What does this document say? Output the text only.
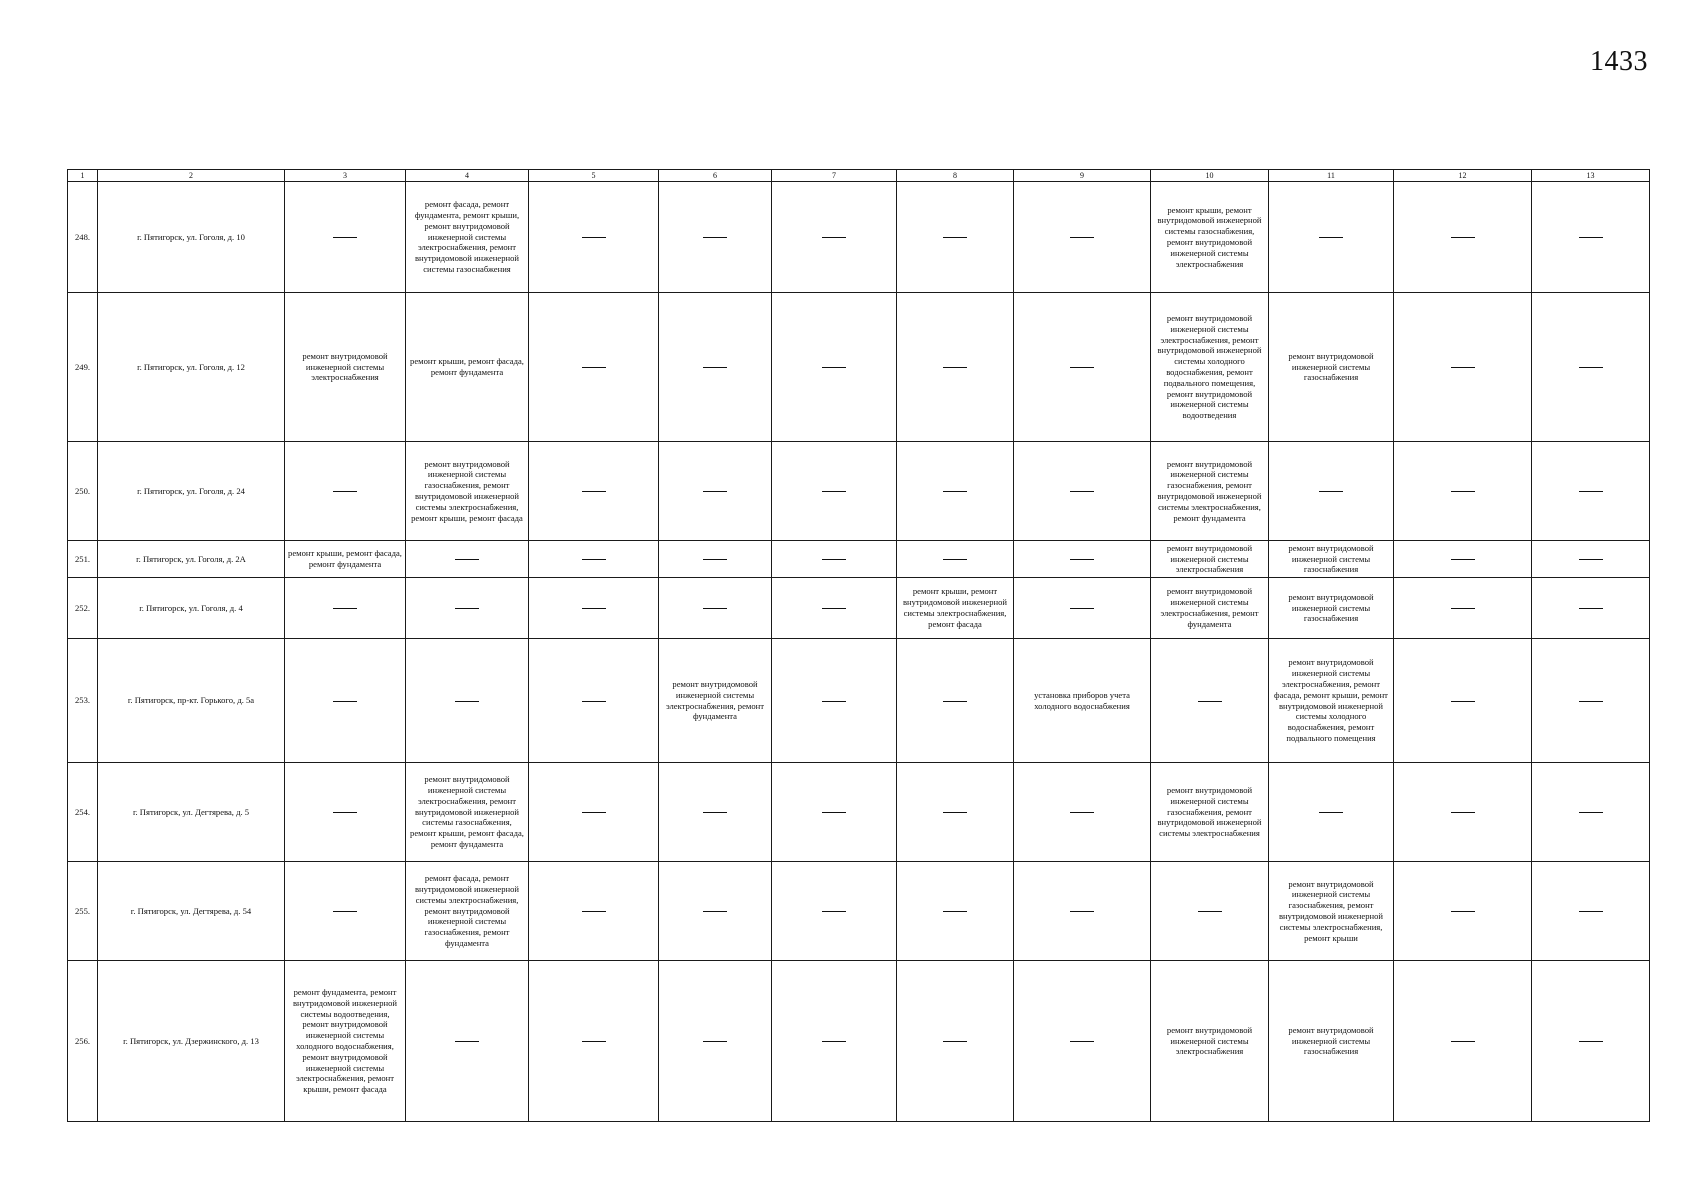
1433
1	2	3	4	5	6	7	8	9	10	11	12	13
248.	г. Пятигорск, ул. Гоголя, д. 10		ремонт фасада, ремонт фундамента, ремонт крыши, ремонт внутридомовой инженерной системы электроснабжения, ремонт внутридомовой инженерной системы газоснабжения						ремонт крыши, ремонт внутридомовой инженерной системы газоснабжения, ремонт внутридомовой инженерной системы электроснабжения			
249.	г. Пятигорск, ул. Гоголя, д. 12	ремонт внутридомовой инженерной системы электроснабжения	ремонт крыши, ремонт фасада, ремонт фундамента						ремонт внутридомовой инженерной системы электроснабжения, ремонт внутридомовой инженерной системы холодного водоснабжения, ремонт подвального помещения, ремонт внутридомовой инженерной системы водоотведения	ремонт внутридомовой инженерной системы газоснабжения		
250.	г. Пятигорск, ул. Гоголя, д. 24		ремонт внутридомовой инженерной системы газоснабжения, ремонт внутридомовой инженерной системы электроснабжения, ремонт крыши, ремонт фасада						ремонт внутридомовой инженерной системы газоснабжения, ремонт внутридомовой инженерной системы электроснабжения, ремонт фундамента			
251.	г. Пятигорск, ул. Гоголя, д. 2А	ремонт крыши, ремонт фасада, ремонт фундамента							ремонт внутридомовой инженерной системы электроснабжения	ремонт внутридомовой инженерной системы газоснабжения		
252.	г. Пятигорск, ул. Гоголя, д. 4						ремонт крыши, ремонт внутридомовой инженерной системы электроснабжения, ремонт фасада		ремонт внутридомовой инженерной системы электроснабжения, ремонт фундамента	ремонт внутридомовой инженерной системы газоснабжения		
253.	г. Пятигорск, пр-кт. Горького, д. 5а				ремонт внутридомовой инженерной системы электроснабжения, ремонт фундамента			установка приборов учета холодного водоснабжения		ремонт внутридомовой инженерной системы электроснабжения, ремонт фасада, ремонт крыши, ремонт внутридомовой инженерной системы холодного водоснабжения, ремонт подвального помещения		
254.	г. Пятигорск, ул. Дегтярева, д. 5		ремонт внутридомовой инженерной системы электроснабжения, ремонт внутридомовой инженерной системы газоснабжения, ремонт крыши, ремонт фасада, ремонт фундамента						ремонт внутридомовой инженерной системы газоснабжения, ремонт внутридомовой инженерной системы электроснабжения			
255.	г. Пятигорск, ул. Дегтярева, д. 54		ремонт фасада, ремонт внутридомовой инженерной системы электроснабжения, ремонт внутридомовой инженерной системы газоснабжения, ремонт фундамента							ремонт внутридомовой инженерной системы газоснабжения, ремонт внутридомовой инженерной системы электроснабжения, ремонт крыши		
256.	г. Пятигорск, ул. Дзержинского, д. 13	ремонт фундамента, ремонт внутридомовой инженерной системы водоотведения, ремонт внутридомовой инженерной системы холодного водоснабжения, ремонт внутридомовой инженерной системы электроснабжения, ремонт крыши, ремонт фасада							ремонт внутридомовой инженерной системы электроснабжения	ремонт внутридомовой инженерной системы газоснабжения		
